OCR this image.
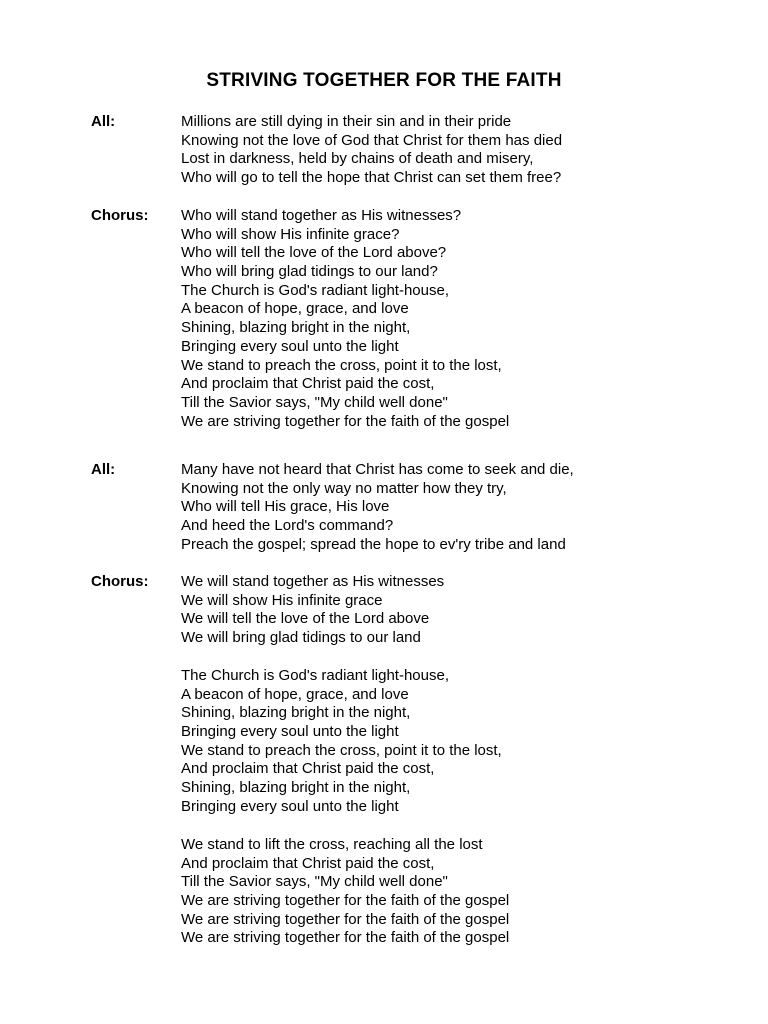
STRIVING TOGETHER FOR THE FAITH
All:	Millions are still dying in their sin and in their pride
Knowing not the love of God that Christ for them has died
Lost in darkness, held by chains of death and misery,
Who will go to tell the hope that Christ can set them free?
Chorus: Who will stand together as His witnesses?
Who will show His infinite grace?
Who will tell the love of the Lord above?
Who will bring glad tidings to our land?
The Church is God's radiant light-house,
A beacon of hope, grace, and love
Shining, blazing bright in the night,
Bringing every soul unto the light
We stand to preach the cross, point it to the lost,
And proclaim that Christ paid the cost,
Till the Savior says, "My child well done"
We are striving together for the faith of the gospel
All:	Many have not heard that Christ has come to seek and die,
Knowing not the only way no matter how they try,
Who will tell His grace, His love
And heed the Lord's command?
Preach the gospel; spread the hope to ev'ry tribe and land
Chorus: We will stand together as His witnesses
We will show His infinite grace
We will tell the love of the Lord above
We will bring glad tidings to our land
The Church is God's radiant light-house,
A beacon of hope, grace, and love
Shining, blazing bright in the night,
Bringing every soul unto the light
We stand to preach the cross, point it to the lost,
And proclaim that Christ paid the cost,
Shining, blazing bright in the night,
Bringing every soul unto the light
We stand to lift the cross, reaching all the lost
And proclaim that Christ paid the cost,
Till the Savior says, "My child well done"
We are striving together for the faith of the gospel
We are striving together for the faith of the gospel
We are striving together for the faith of the gospel
